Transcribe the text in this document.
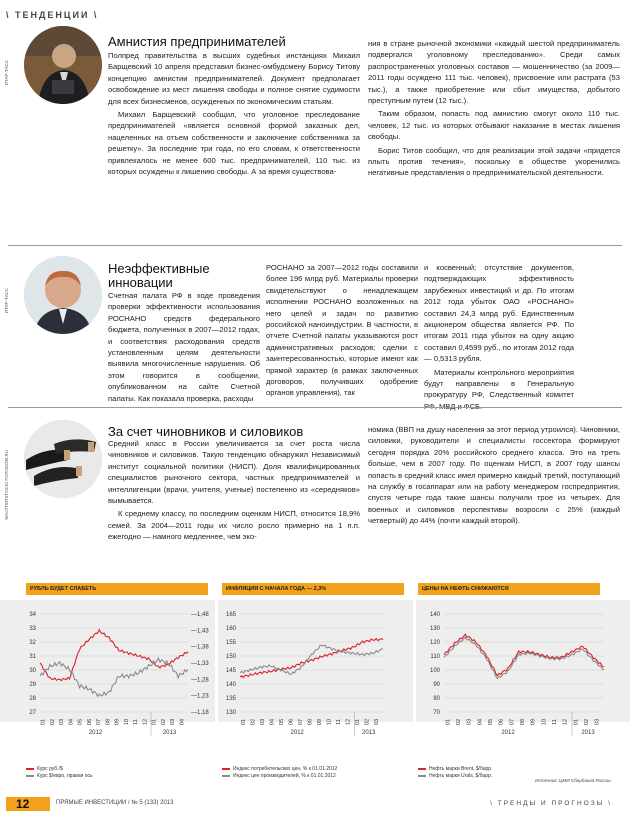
\ ТЕНДЕНЦИИ \
ИТАР-ТАСС
Амнистия предпринимателей

Полпред правительства в высших судебных инстанциях Михаил Барщевский 10 апреля представил бизнес-омбудсмену Борису Титову концепцию амнистии предпринимателей. Документ предполагает освобождение из мест лишения свободы и полное снятие судимости для всех бизнесменов, осужденных по экономическим статьям.

Михаил Барщевский сообщил, что уголовное преследование предпринимателей «является основной формой заказных дел, нацеленных на отъем собственности и заключение собственника за решетку». За последние три года, по его словам, к ответственности привлекалось не менее 600 тыс. предпринимателей, 110 тыс. из которых осуждены к лишению свободы. А за время существова-

ния в стране рыночной экономики «каждый шестой предприниматель подвергался уголовному преследованию». Среди самых распространенных уголовных составов — мошенничество (за 2009—2011 годы осуждено 111 тыс. человек), присвоение или растрата (53 тыс.), а также приобретение или сбыт имущества, добытого преступным путем (12 тыс.).

Таким образом, попасть под амнистию смогут около 110 тыс. человек, 12 тыс. из которых отбывают наказание в местах лишения свободы.

Борис Титов сообщил, что для реализации этой задачи «придется плыть против течения», поскольку в обществе укоренились негативные представления о предпринимательской деятельности.

ИТАР-ТАСС
Неэффективные инновации

Счетная палата РФ в ходе проведения проверки эффективности использования РОСНАНО средств федерального бюджета, полученных в 2007—2012 годах, и соответствия расходования средств установленным целям деятельности выявила многочисленные нарушения. Об этом говорится в сообщении, опубликованном на сайте Счетной палаты. Как показала проверка, расходы

РОСНАНО за 2007—2012 годы составили более 196 млрд руб. Материалы проверки свидетельствуют о ненадлежащем исполнении РОСНАНО возложенных на него целей и задач по развитию российской наноиндустрии. В частности, в отчете Счетной палаты указываются рост административных расходов; сделки с заинтересованностью, которые имеют как прямой характер (в рамках заключенных договоров, получивших одобрение органов управления), так

и косвенный; отсутствие документов, подтверждающих эффективность зарубежных инвестиций и др. По итогам 2012 года убыток ОАО «РОСНАНО» составил 24,3 млрд руб. Единственным акционером общества является РФ. По итогам 2011 года убыток на одну акцию составил 0,4599 руб., по итогам 2012 года — 0,5313 рубля.

Материалы контрольного мероприятия будут направлены в Генеральную прокуратуру РФ, Следственный комитет

SHUTTERSTOCK/ FOTODOM.RU
За счет чиновников и силовиков

Средний класс в России увеличивается за счет роста числа чиновников и силовиков. Такую тенденцию обнаружил Независимый институт социальной политики (НИСП). Доля квалифицированных специалистов рыночного сектора, частных предпринимателей и интеллигенции (врачи, учителя, ученые) постепенно из «середняков» вымывается.

К среднему классу, по последним оценкам НИСП, относится 18,9% семей. За 2004—2011 годы их число росло примерно на 1 п.п. ежегодно — намного медленнее, чем эко-

номика (ВВП на душу населения за этот период утроился). Чиновники, силовики, руководители и специалисты госсектора формируют сегодня порядка 20% российского среднего класса. Это на треть больше, чем в 2007 году. По оценкам НИСП, в 2007 году шансы попасть в средний класс имел примерно каждый третий, поступающий на службу в госаппарат или на работу менеджером госпредприятия, спустя четыре года такие шансы получили трое из четырех. Для военных и силовиков перспективы возросли с 25% (каждый четвертый) до 44% (почти каждый второй).

РУБЛЬ БУДЕТ СЛАБЕТЬ	ИНФЛЯЦИЯ С НАЧАЛА ГОДА — 2,3%	ЦЕНЫ НА НЕФТЬ СНИЖАЮТСЯ
27
28
29
30
31
32
33
34
—1,18
—1,23
—1,28
—1,33
—1,38
—1,43
—1,48
01 02 03 04 05 06 07 08 09 10 11 12 01 02 03 04
2012	2013
130
135
140
145
150
155
160
165
01 02 03 04 05 06 07 08 09 10 11 12 01 02 03
2012	2013
70
80
90
100
110
120
130
140
01 02 03 04 05 06 07 08 09 10 11 12 01 02 03
2012	2013
Курс руб./$
Курс $/евро, правая ось
Индекс потребительских цен, % к 01.01.2012
Индекс цен производителей, % к 01.01.2012
Нефть марки Brent, $/барр.
Нефть марки Urals, $/барр.
Источник: ЦМИ Сбербанка России.
12	ПРЯМЫЕ ИНВЕСТИЦИИ / № 5 (133) 2013	\ ТРЕНДЫ И ПРОГНОЗЫ \
